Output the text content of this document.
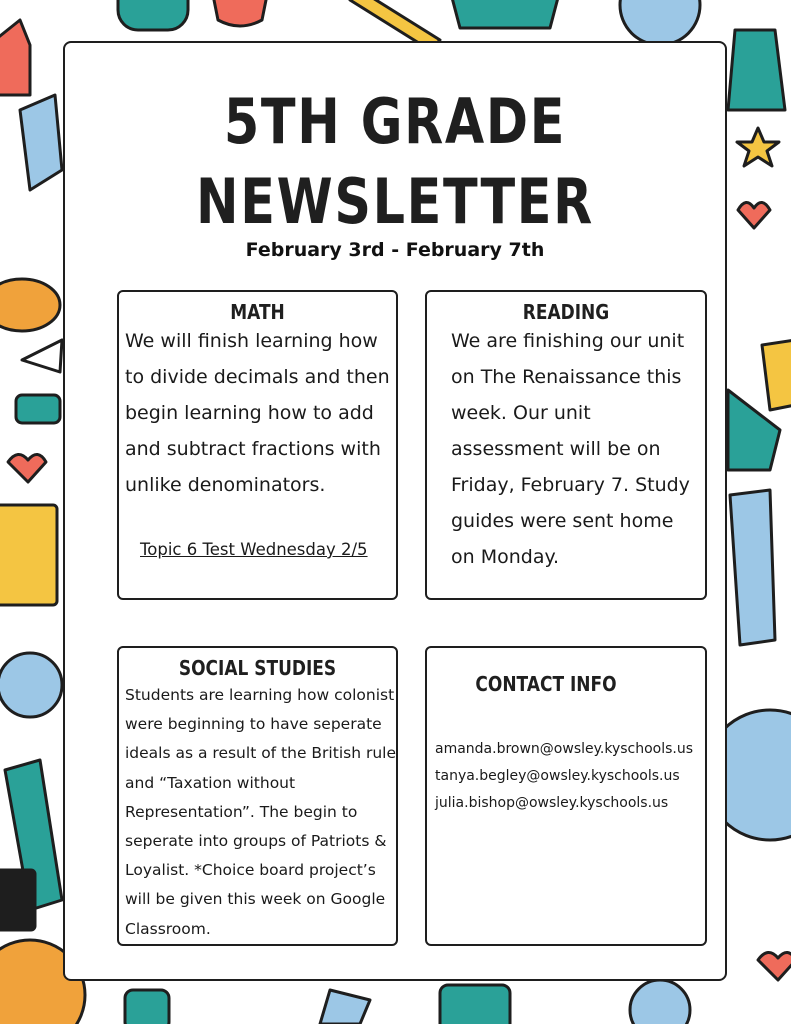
5TH GRADE
NEWSLETTER
February 3rd - February 7th
MATH
We will finish learning how to divide decimals and then begin learning how to add and subtract fractions with unlike denominators.
Topic 6 Test Wednesday 2/5
READING
We are finishing our unit on The Renaissance this week. Our unit assessment will be on Friday, February 7. Study guides were sent home on Monday.
SOCIAL STUDIES
Students are learning how colonist were beginning to have seperate ideals as a result of the British rule and “Taxation without Representation”. The begin to seperate into groups of Patriots & Loyalist. *Choice board project’s will be given this week on Google Classroom.
CONTACT INFO
amanda.brown@owsley.kyschools.us
tanya.begley@owsley.kyschools.us
julia.bishop@owsley.kyschools.us
